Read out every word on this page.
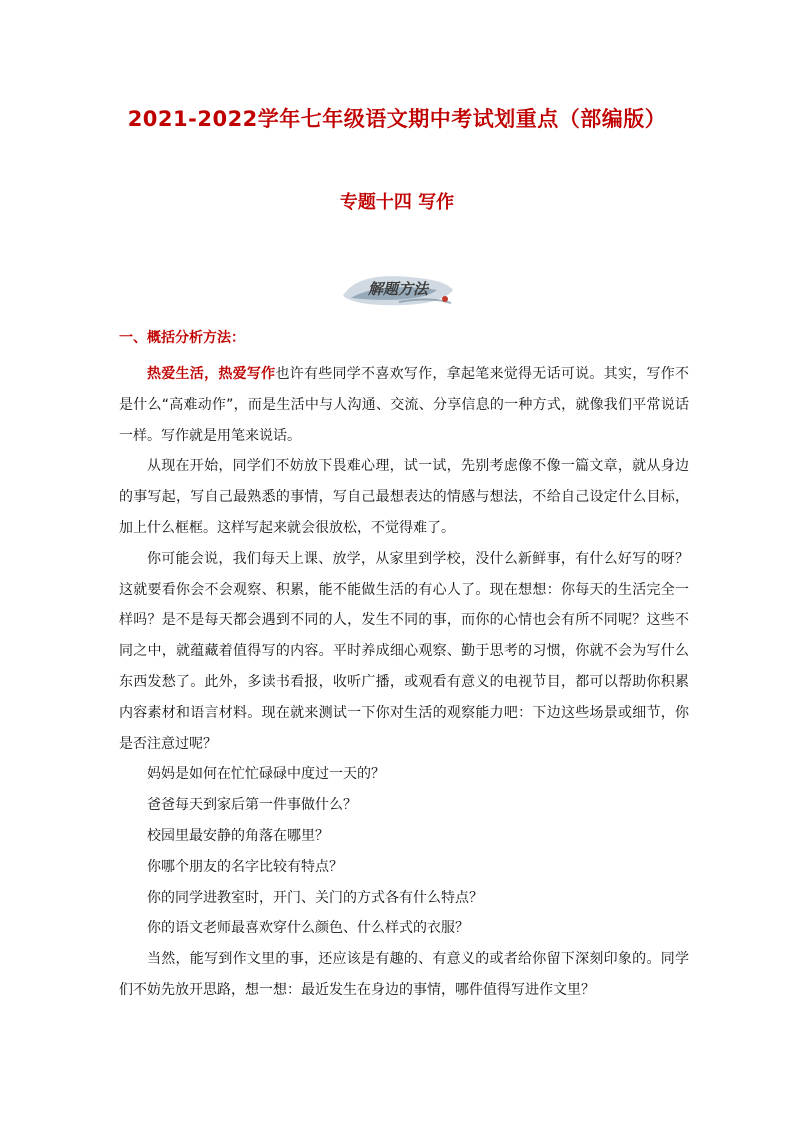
2021-2022学年七年级语文期中考试划重点（部编版）
专题十四 写作
解题方法
一、概括分析方法：

热爱生活，热爱写作也许有些同学不喜欢写作，拿起笔来觉得无话可说。其实，写作不是什么“高难动作”，而是生活中与人沟通、交流、分享信息的一种方式，就像我们平常说话一样。写作就是用笔来说话。

从现在开始，同学们不妨放下畏难心理，试一试，先别考虑像不像一篇文章，就从身边的事写起，写自己最熟悉的事情，写自己最想表达的情感与想法，不给自己设定什么目标，加上什么框框。这样写起来就会很放松，不觉得难了。

你可能会说，我们每天上课、放学，从家里到学校，没什么新鲜事，有什么好写的呀？这就要看你会不会观察、积累，能不能做生活的有心人了。现在想想：你每天的生活完全一样吗？是不是每天都会遇到不同的人，发生不同的事，而你的心情也会有所不同呢？这些不同之中，就蕴藏着值得写的内容。平时养成细心观察、勤于思考的习惯，你就不会为写什么东西发愁了。此外，多读书看报，收听广播，或观看有意义的电视节目，都可以帮助你积累内容素材和语言材料。现在就来测试一下你对生活的观察能力吧：下边这些场景或细节，你是否注意过呢？

妈妈是如何在忙忙碌碌中度过一天的？

爸爸每天到家后第一件事做什么？

校园里最安静的角落在哪里？

你哪个朋友的名字比较有特点？

你的同学进教室时，开门、关门的方式各有什么特点？

你的语文老师最喜欢穿什么颜色、什么样式的衣服？

当然，能写到作文里的事，还应该是有趣的、有意义的或者给你留下深刻印象的。同学们不妨先放开思路，想一想：最近发生在身边的事情，哪件值得写进作文里？
